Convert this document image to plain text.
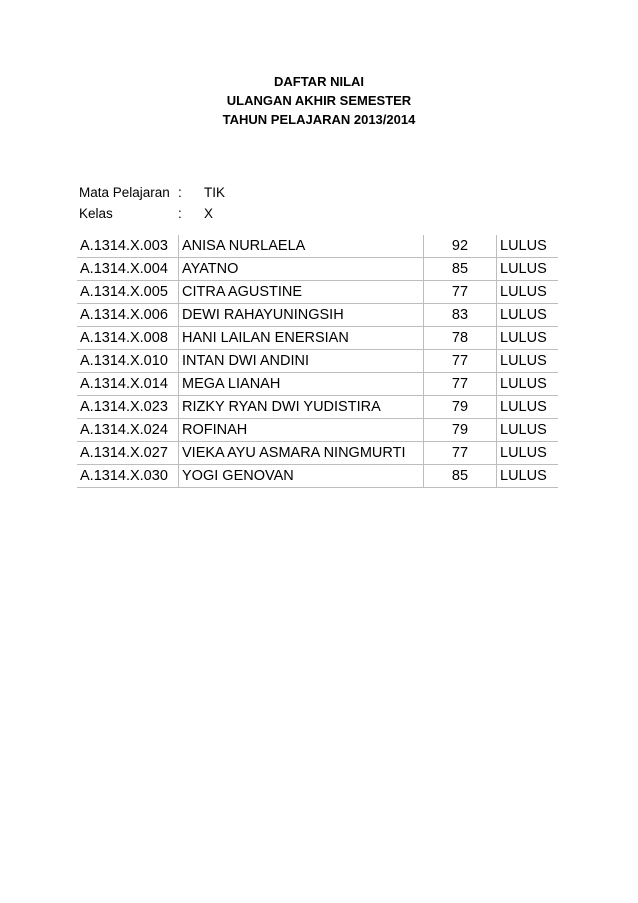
DAFTAR NILAI
ULANGAN AKHIR SEMESTER
TAHUN PELAJARAN 2013/2014
Mata Pelajaran :	TIK
Kelas	:	X
A.1314.X.003	ANISA NURLAELA	92	LULUS
A.1314.X.004	AYATNO	85	LULUS
A.1314.X.005	CITRA AGUSTINE	77	LULUS
A.1314.X.006	DEWI RAHAYUNINGSIH	83	LULUS
A.1314.X.008	HANI LAILAN ENERSIAN	78	LULUS
A.1314.X.010	INTAN DWI ANDINI	77	LULUS
A.1314.X.014	MEGA LIANAH	77	LULUS
A.1314.X.023	RIZKY RYAN DWI YUDISTIRA	79	LULUS
A.1314.X.024	ROFINAH	79	LULUS
A.1314.X.027	VIEKA AYU ASMARA NINGMURTI	77	LULUS
A.1314.X.030	YOGI GENOVAN	85	LULUS
